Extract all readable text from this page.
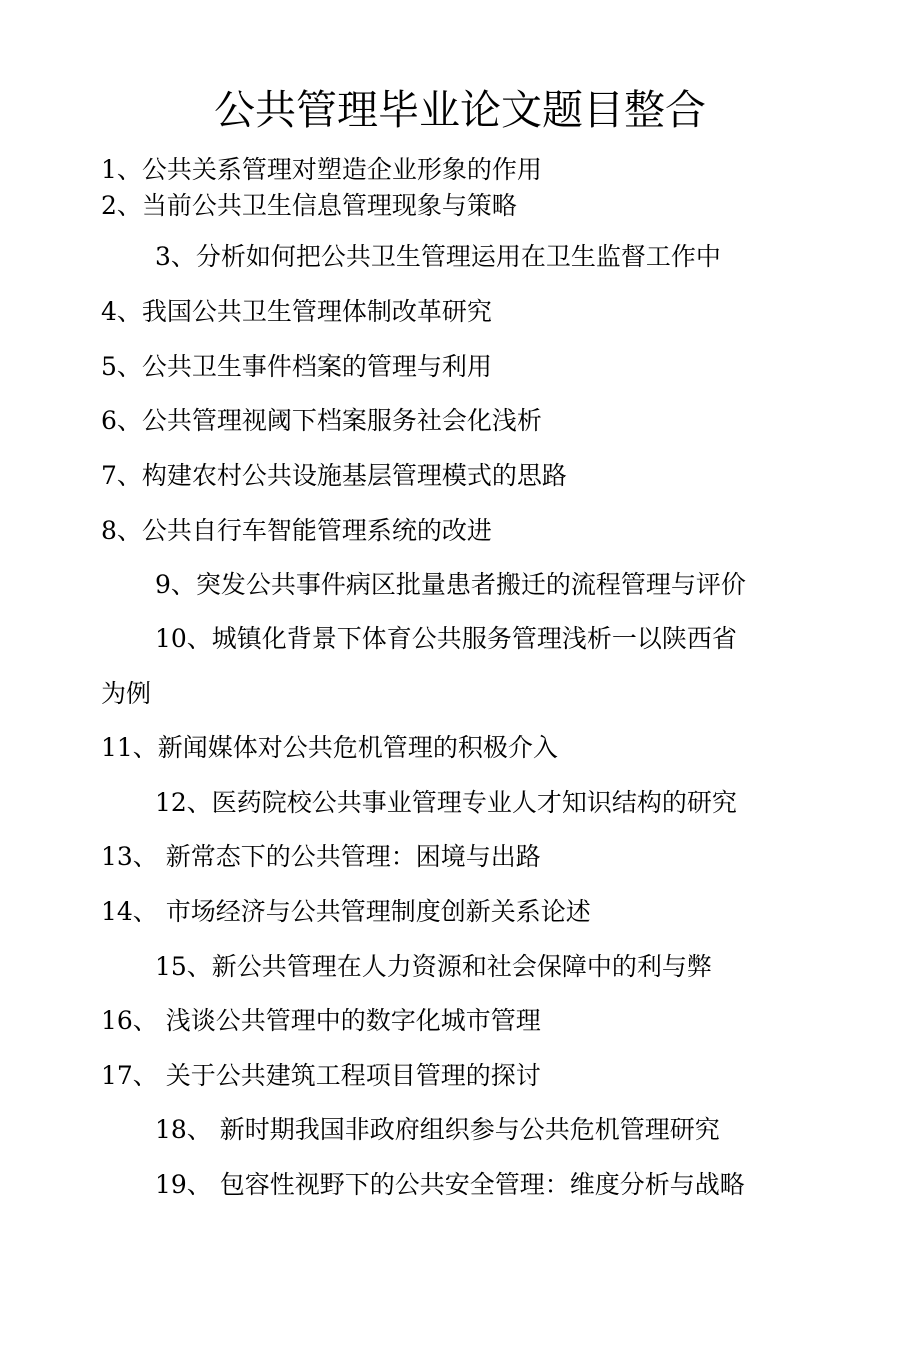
公共管理毕业论文题目整合
1、公共关系管理对塑造企业形象的作用
2、当前公共卫生信息管理现象与策略
3、分析如何把公共卫生管理运用在卫生监督工作中
4、我国公共卫生管理体制改革研究
5、公共卫生事件档案的管理与利用
6、公共管理视阈下档案服务社会化浅析
7、构建农村公共设施基层管理模式的思路
8、公共自行车智能管理系统的改进
9、突发公共事件病区批量患者搬迁的流程管理与评价
10、城镇化背景下体育公共服务管理浅析一以陕西省
为例
11、新闻媒体对公共危机管理的积极介入
12、医药院校公共事业管理专业人才知识结构的研究
13、 新常态下的公共管理：困境与出路
14、 市场经济与公共管理制度创新关系论述
15、新公共管理在人力资源和社会保障中的利与弊
16、 浅谈公共管理中的数字化城市管理
17、 关于公共建筑工程项目管理的探讨
18、 新时期我国非政府组织参与公共危机管理研究
19、 包容性视野下的公共安全管理：维度分析与战略
